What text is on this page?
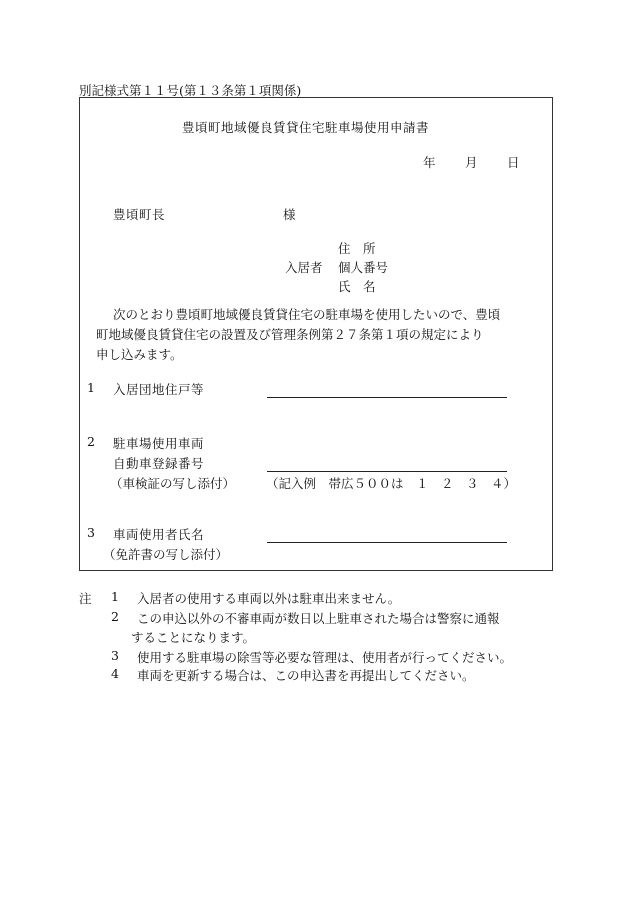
別記様式第１１号(第１３条第１項関係)
豊頃町地域優良賃貸住宅駐車場使用申請書
年 月 日
豊頃町長	様
住　所
入居者 個人番号
氏　名
次のとおり豊頃町地域優良賃貸住宅の駐車場を使用したいので、豊頃
町地域優良賃貸住宅の設置及び管理条例第２７条第１項の規定により
申し込みます。
1 入居団地住戸等
2 駐車場使用車両
自動車登録番号
（車検証の写し添付） （記入例　帯広５００は　１　２　３　４）
3 車両使用者氏名
（免許書の写し添付）
注 1 入居者の使用する車両以外は駐車出来ません。
2 この申込以外の不審車両が数日以上駐車された場合は警察に通報
することになります。
3 使用する駐車場の除雪等必要な管理は、使用者が行ってください。
4 車両を更新する場合は、この申込書を再提出してください。
